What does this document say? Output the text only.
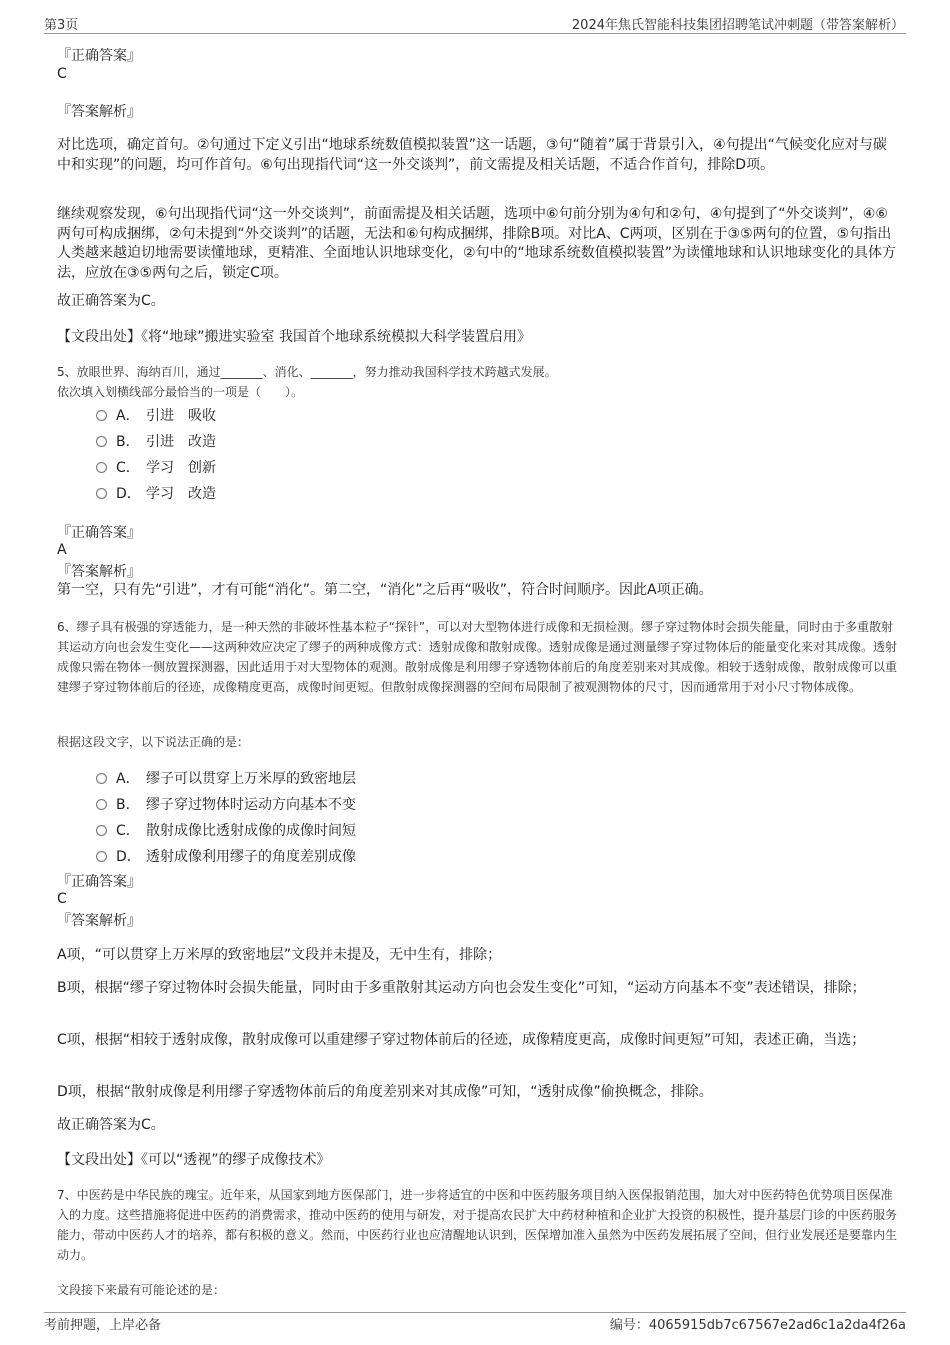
第3页	2024年焦氏智能科技集团招聘笔试冲刺题（带答案解析）
『正确答案』
C
『答案解析』

对比选项，确定首句。②句通过下定义引出“地球系统数值模拟装置”这一话题，③句“随着”属于背景引入，④句提出“气候变化应对与碳中和实现”的问题，均可作首句。⑥句出现指代词“这一外交谈判”，前文需提及相关话题，不适合作首句，排除D项。

继续观察发现，⑥句出现指代词“这一外交谈判”，前面需提及相关话题，选项中⑥句前分别为④句和②句，④句提到了“外交谈判”，④⑥两句可构成捆绑，②句未提到“外交谈判”的话题，无法和⑥句构成捆绑，排除B项。对比A、C两项，区别在于③⑤两句的位置，⑤句指出人类越来越迫切地需要读懂地球，更精准、全面地认识地球变化，②句中的“地球系统数值模拟装置”为读懂地球和认识地球变化的具体方法，应放在③⑤两句之后，锁定C项。

故正确答案为C。

【文段出处】《将“地球”搬进实验室 我国首个地球系统模拟大科学装置启用》

5、放眼世界、海纳百川，通过_______、消化、_______，努力推动我国科学技术跨越式发展。

依次填入划横线部分最恰当的一项是（　　）。

A． 引进　吸收
B． 引进　改造
C． 学习　创新
D． 学习　改造
『正确答案』
A
『答案解析』

第一空，只有先“引进”，才有可能“消化”。第二空，“消化”之后再“吸收”，符合时间顺序。因此A项正确。

6、缪子具有极强的穿透能力，是一种天然的非破坏性基本粒子“探针”，可以对大型物体进行成像和无损检测。缪子穿过物体时会损失能量，同时由于多重散射其运动方向也会发生变化——这两种效应决定了缪子的两种成像方式：透射成像和散射成像。透射成像是通过测量缪子穿过物体后的能量变化来对其成像。透射成像只需在物体一侧放置探测器，因此适用于对大型物体的观测。散射成像是利用缪子穿透物体前后的角度差别来对其成像。相较于透射成像，散射成像可以重建缪子穿过物体前后的径迹，成像精度更高，成像时间更短。但散射成像探测器的空间布局限制了被观测物体的尺寸，因而通常用于对小尺寸物体成像。

根据这段文字，以下说法正确的是：

A． 缪子可以贯穿上万米厚的致密地层
B． 缪子穿过物体时运动方向基本不变
C． 散射成像比透射成像的成像时间短
D． 透射成像利用缪子的角度差别成像
『正确答案』
C
『答案解析』

A项，“可以贯穿上万米厚的致密地层”文段并未提及，无中生有，排除；

B项，根据“缪子穿过物体时会损失能量，同时由于多重散射其运动方向也会发生变化”可知，“运动方向基本不变”表述错误，排除；

C项，根据“相较于透射成像，散射成像可以重建缪子穿过物体前后的径迹，成像精度更高，成像时间更短”可知，表述正确，当选；

D项，根据“散射成像是利用缪子穿透物体前后的角度差别来对其成像”可知，“透射成像”偷换概念，排除。

故正确答案为C。

【文段出处】《可以“透视”的缪子成像技术》

7、中医药是中华民族的瑰宝。近年来，从国家到地方医保部门，进一步将适宜的中医和中医药服务项目纳入医保报销范围，加大对中医药特色优势项目医保准入的力度。这些措施将促进中医药的消费需求，推动中医药的使用与研发，对于提高农民扩大中药材种植和企业扩大投资的积极性，提升基层门诊的中医药服务能力，带动中医药人才的培养，都有积极的意义。然而，中医药行业也应清醒地认识到，医保增加准入虽然为中医药发展拓展了空间，但行业发展还是要靠内生动力。

文段接下来最有可能论述的是：

考前押题，上岸必备	编号：4065915db7c67567e2ad6c1a2da4f26a
